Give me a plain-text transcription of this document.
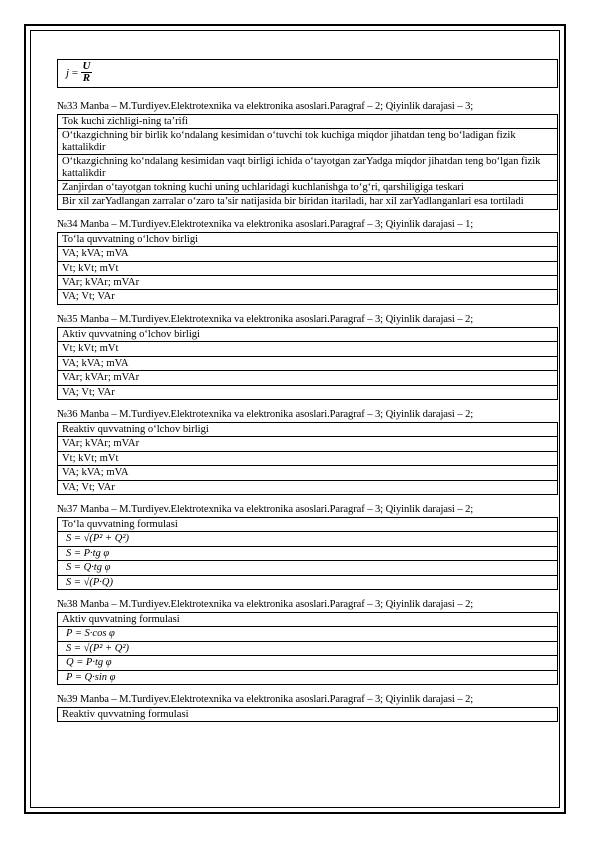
$j = \frac{U}{R}$
№33 Manba – M.Turdiyev.Elektrotexnika va elektronika asoslari.Paragraf – 2; Qiyinlik darajasi – 3;
Tok kuchi zichligi-ning ta’rifi
O‘tkazgichning bir birlik ko‘ndalang kesimidan o‘tuvchi tok kuchiga miqdor jihatdan teng bo‘ladigan fizik kattalikdir
O‘tkazgichning ko‘ndalang kesimidan vaqt birligi ichida o‘tayotgan zarYadga miqdor jihatdan teng bo‘lgan fizik kattalikdir
Zanjirdan o‘tayotgan tokning kuchi uning uchlaridagi kuchlanishga to‘g‘ri, qarshiligiga teskari
Bir xil zarYadlangan zarralar o‘zaro ta’sir natijasida bir biridan itariladi, har xil zarYadlanganlari esa tortiladi
№34 Manba – M.Turdiyev.Elektrotexnika va elektronika asoslari.Paragraf – 3; Qiyinlik darajasi – 1;
To‘la quvvatning o‘lchov birligi
VA; kVA; mVA
Vt; kVt; mVt
VAr; kVAr; mVAr
VA; Vt; VAr
№35 Manba – M.Turdiyev.Elektrotexnika va elektronika asoslari.Paragraf – 3; Qiyinlik darajasi – 2;
Aktiv quvvatning o‘lchov birligi
Vt; kVt; mVt
VA; kVA; mVA
VAr; kVAr; mVAr
VA; Vt; VAr
№36 Manba – M.Turdiyev.Elektrotexnika va elektronika asoslari.Paragraf – 3; Qiyinlik darajasi – 2;
Reaktiv quvvatning o‘lchov birligi
VAr; kVAr; mVAr
Vt; kVt; mVt
VA; kVA; mVA
VA; Vt; VAr
№37 Manba – M.Turdiyev.Elektrotexnika va elektronika asoslari.Paragraf – 3; Qiyinlik darajasi – 2;
To‘la quvvatning formulasi
S = √(P² + Q²)
S = P·tg φ
S = Q·tg φ
S = √(P·Q)
№38 Manba – M.Turdiyev.Elektrotexnika va elektronika asoslari.Paragraf – 3; Qiyinlik darajasi – 2;
Aktiv quvvatning formulasi
P = S·cos φ
S = √(P² + Q²)
Q = P·tg φ
P = Q·sin φ
№39 Manba – M.Turdiyev.Elektrotexnika va elektronika asoslari.Paragraf – 3; Qiyinlik darajasi – 2;
Reaktiv quvvatning formulasi
